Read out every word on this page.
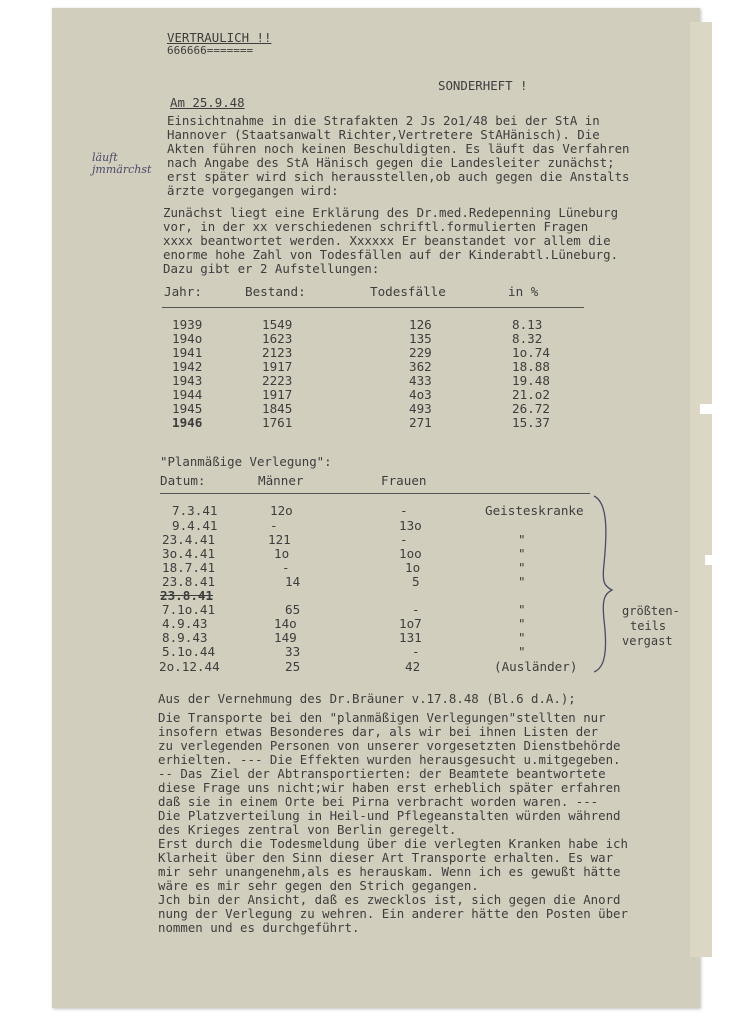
VERTRAULICH !!
666666=======
SONDERHEFT !
Am 25.9.48
läuft
jmmärchst
Einsichtnahme in die Strafakten 2 Js 2o1/48 bei der StA in
Hannover (Staatsanwalt Richter,Vertretere StAHänisch). Die
Akten führen noch keinen Beschuldigten. Es läuft das Verfahren
nach Angabe des StA Hänisch gegen die Landesleiter zunächst;
erst später wird sich herausstellen,ob auch gegen die Anstalts
ärzte vorgegangen wird:
Zunächst liegt eine Erklärung des Dr.med.Redepenning Lüneburg
vor, in der xx verschiedenen schriftl.formulierten Fragen
xxxx beantwortet werden. Xxxxxx Er beanstandet vor allem die
enorme hohe Zahl von Todesfällen auf der Kinderabtl.Lüneburg.
Dazu gibt er 2 Aufstellungen:
Jahr:	Bestand:	Todesfälle	in %
1939	1549	126	8.13
194o	1623	135	8.32
1941	2123	229	1o.74
1942	1917	362	18.88
1943	2223	433	19.48
1944	1917	4o3	21.o2
1945	1845	493	26.72
1946	1761	271	15.37
"Planmäßige Verlegung":
Datum:	Männer	Frauen
7.3.41	12o	-	Geisteskranke
9.4.41	-	13o
23.4.41	121	-	"
3o.4.41	1o	1oo	"
18.7.41	-	1o	"
23.8.41	14	5	"
23.8.41
7.1o.41	65	-	"
4.9.43	14o	1o7	"
8.9.43	149	131	"
5.1o.44	33	-	"
2o.12.44	25	42	(Ausländer)
größten-
teils
vergast
Aus der Vernehmung des Dr.Bräuner v.17.8.48 (Bl.6 d.A.);
Die Transporte bei den "planmäßigen Verlegungen"stellten nur
insofern etwas Besonderes dar, als wir bei ihnen Listen der
zu verlegenden Personen von unserer vorgesetzten Dienstbehörde
erhielten. --- Die Effekten wurden herausgesucht u.mitgegeben.
-- Das Ziel der Abtransportierten: der Beamtete beantwortete
diese Frage uns nicht;wir haben erst erheblich später erfahren
daß sie in einem Orte bei Pirna verbracht worden waren. ---
Die Platzverteilung in Heil-und Pflegeanstalten würden während
des Krieges zentral von Berlin geregelt.
Erst durch die Todesmeldung über die verlegten Kranken habe ich
Klarheit über den Sinn dieser Art Transporte erhalten. Es war
mir sehr unangenehm,als es herauskam. Wenn ich es gewußt hätte
wäre es mir sehr gegen den Strich gegangen.
Jch bin der Ansicht, daß es zwecklos ist, sich gegen die Anord
nung der Verlegung zu wehren. Ein anderer hätte den Posten über
nommen und es durchgeführt.
